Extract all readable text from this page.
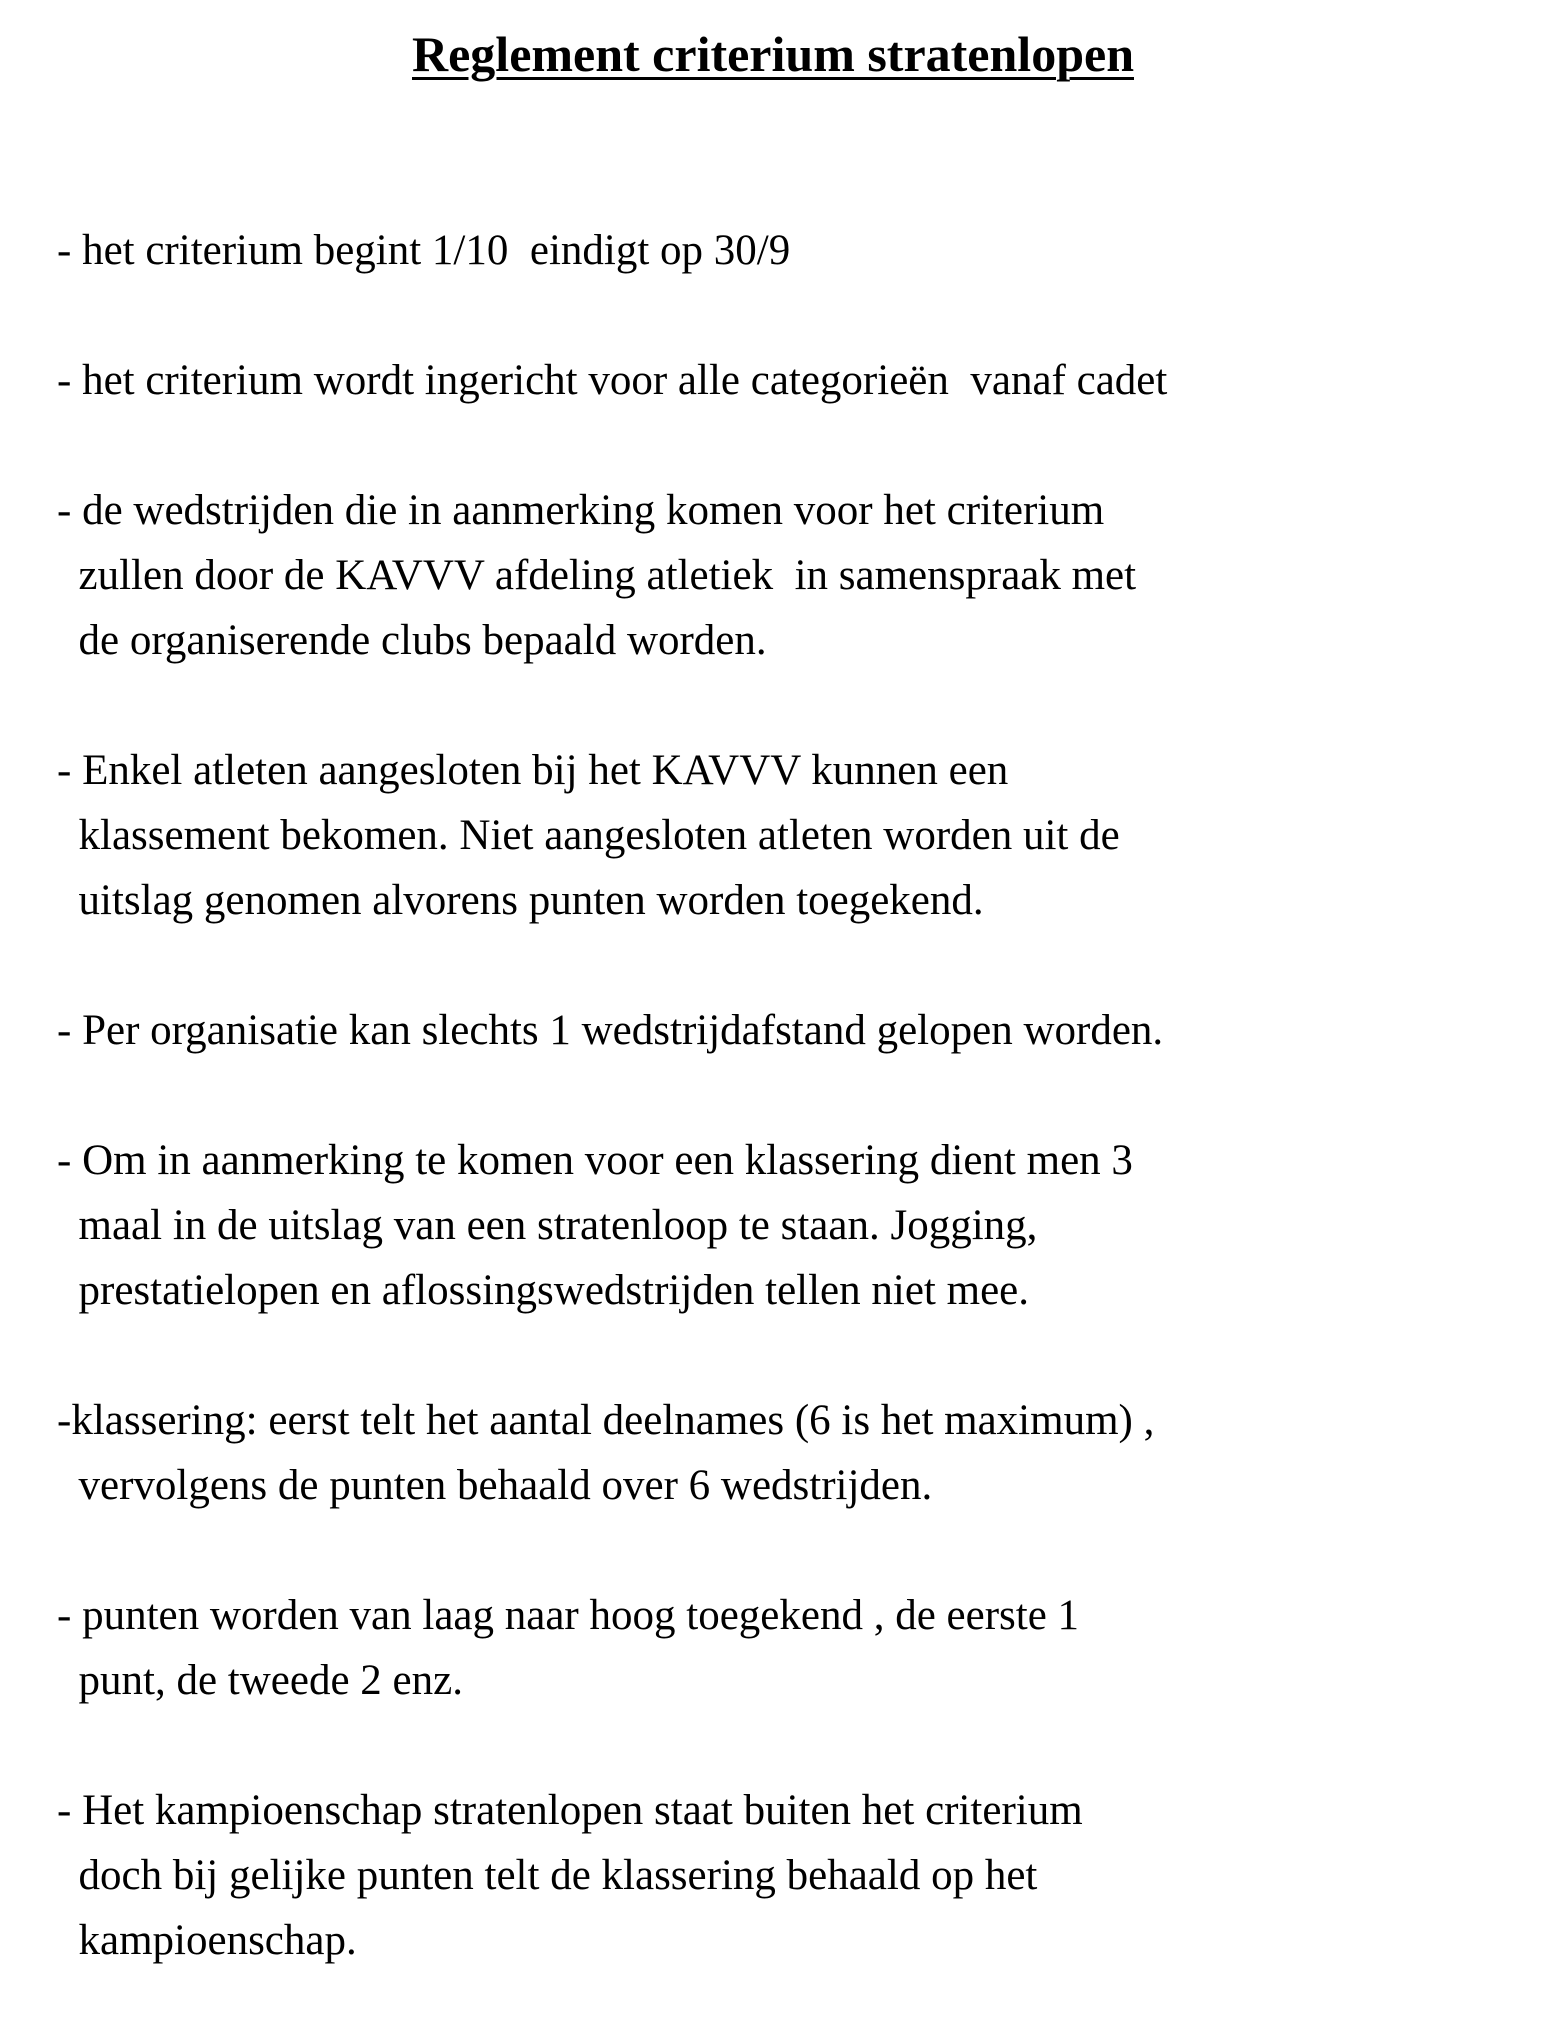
Reglement criterium stratenlopen
- het criterium begint 1/10  eindigt op 30/9
- het criterium wordt ingericht voor alle categorieën  vanaf cadet
- de wedstrijden die in aanmerking komen voor het criterium
zullen door de KAVVV afdeling atletiek  in samenspraak met
de organiserende clubs bepaald worden.
- Enkel atleten aangesloten bij het KAVVV kunnen een
klassement bekomen. Niet aangesloten atleten worden uit de
uitslag genomen alvorens punten worden toegekend.
- Per organisatie kan slechts 1 wedstrijdafstand gelopen worden.
- Om in aanmerking te komen voor een klassering dient men 3
maal in de uitslag van een stratenloop te staan. Jogging,
prestatielopen en aflossingswedstrijden tellen niet mee.
-klassering: eerst telt het aantal deelnames (6 is het maximum) ,
vervolgens de punten behaald over 6 wedstrijden.
- punten worden van laag naar hoog toegekend , de eerste 1
punt, de tweede 2 enz.
- Het kampioenschap stratenlopen staat buiten het criterium
doch bij gelijke punten telt de klassering behaald op het
kampioenschap.
